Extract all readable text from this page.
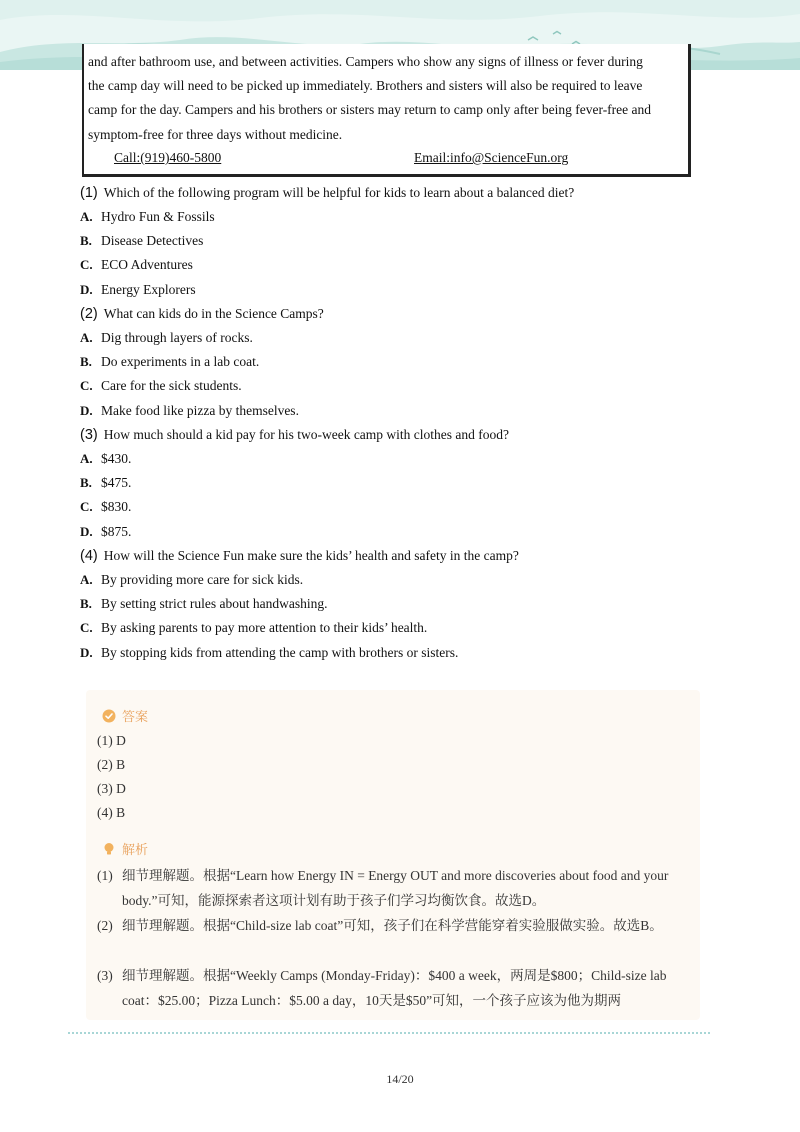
and after bathroom use, and between activities. Campers who show any signs of illness or fever during
the camp day will need to be picked up immediately. Brothers and sisters will also be required to leave
camp for the day. Campers and his brothers or sisters may return to camp only after being fever-free and
symptom-free for three days without medicine.
Call:(919)460-5800	Email:info@ScienceFun.org
(1) Which of the following program will be helpful for kids to learn about a balanced diet?
A. Hydro Fun & Fossils
B. Disease Detectives
C. ECO Adventures
D. Energy Explorers
(2) What can kids do in the Science Camps?
A. Dig through layers of rocks.
B. Do experiments in a lab coat.
C. Care for the sick students.
D. Make food like pizza by themselves.
(3) How much should a kid pay for his two-week camp with clothes and food?
A. $430.
B. $475.
C. $830.
D. $875.
(4) How will the Science Fun make sure the kids’ health and safety in the camp?
A. By providing more care for sick kids.
B. By setting strict rules about handwashing.
C. By asking parents to pay more attention to their kids’ health.
D. By stopping kids from attending the camp with brothers or sisters.
答案
(1) D
(2) B
(3) D
(4) B
解析
(1) 细节理解题。根据“Learn how Energy IN = Energy OUT and more discoveries about food and your body.”可知，能源探索者这项计划有助于孩子们学习均衡饮食。故选D。
(2) 细节理解题。根据“Child-size lab coat”可知，孩子们在科学营能穿着实验服做实验。故选B。
(3) 细节理解题。根据“Weekly Camps (Monday-Friday)：$400 a week，两周是$800；Child-size lab coat：$25.00；Pizza Lunch：$5.00 a day，10天是$50”可知，一个孩子应该为他为期两
14/20
